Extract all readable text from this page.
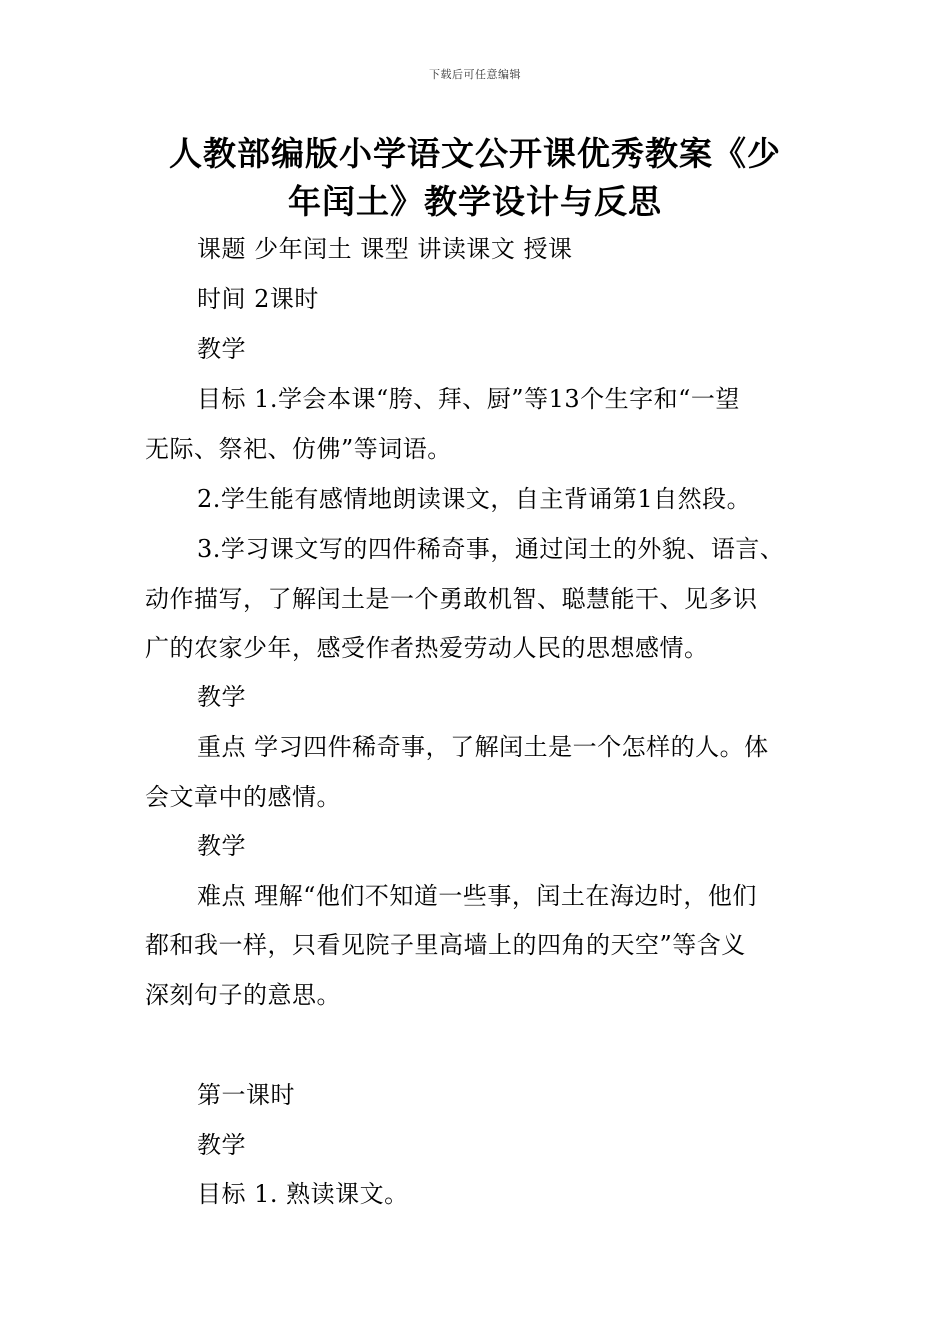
下载后可任意编辑
人教部编版小学语文公开课优秀教案《少
年闰土》教学设计与反思
课题 少年闰土 课型 讲读课文 授课
时间 2课时
教学
目标 1.学会本课“胯、拜、厨”等13个生字和“一望
无际、祭祀、仿佛”等词语。
2.学生能有感情地朗读课文，自主背诵第1自然段。
3.学习课文写的四件稀奇事，通过闰土的外貌、语言、
动作描写，了解闰土是一个勇敢机智、聪慧能干、见多识
广的农家少年，感受作者热爱劳动人民的思想感情。
教学
重点 学习四件稀奇事，了解闰土是一个怎样的人。体
会文章中的感情。
教学
难点 理解“他们不知道一些事，闰土在海边时，他们
都和我一样，只看见院子里高墙上的四角的天空”等含义
深刻句子的意思。
第一课时
教学
目标 1. 熟读课文。
